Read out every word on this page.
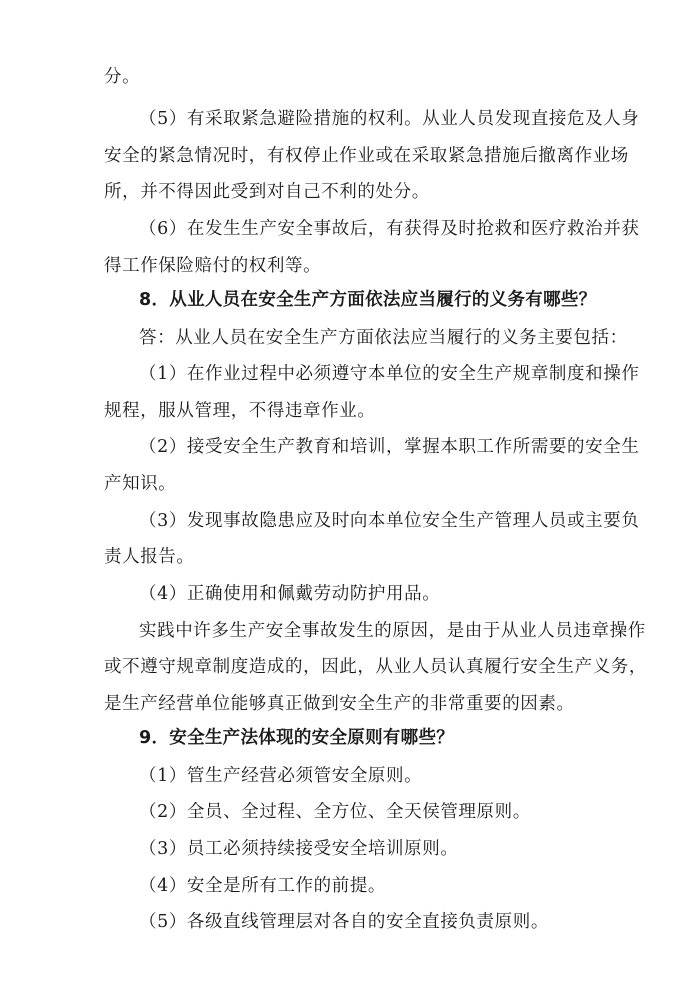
分。

（5）有采取紧急避险措施的权利。从业人员发现直接危及人身

安全的紧急情况时，有权停止作业或在采取紧急措施后撤离作业场

所，并不得因此受到对自己不利的处分。

（6）在发生生产安全事故后，有获得及时抢救和医疗救治并获

得工作保险赔付的权利等。

8．从业人员在安全生产方面依法应当履行的义务有哪些？

答：从业人员在安全生产方面依法应当履行的义务主要包括：

（1）在作业过程中必须遵守本单位的安全生产规章制度和操作

规程，服从管理，不得违章作业。

（2）接受安全生产教育和培训，掌握本职工作所需要的安全生

产知识。

（3）发现事故隐患应及时向本单位安全生产管理人员或主要负

责人报告。

（4）正确使用和佩戴劳动防护用品。

实践中许多生产安全事故发生的原因，是由于从业人员违章操作

或不遵守规章制度造成的，因此，从业人员认真履行安全生产义务，

是生产经营单位能够真正做到安全生产的非常重要的因素。

9．安全生产法体现的安全原则有哪些？

（1）管生产经营必须管安全原则。

（2）全员、全过程、全方位、全天侯管理原则。

（3）员工必须持续接受安全培训原则。

（4）安全是所有工作的前提。

（5）各级直线管理层对各自的安全直接负责原则。
